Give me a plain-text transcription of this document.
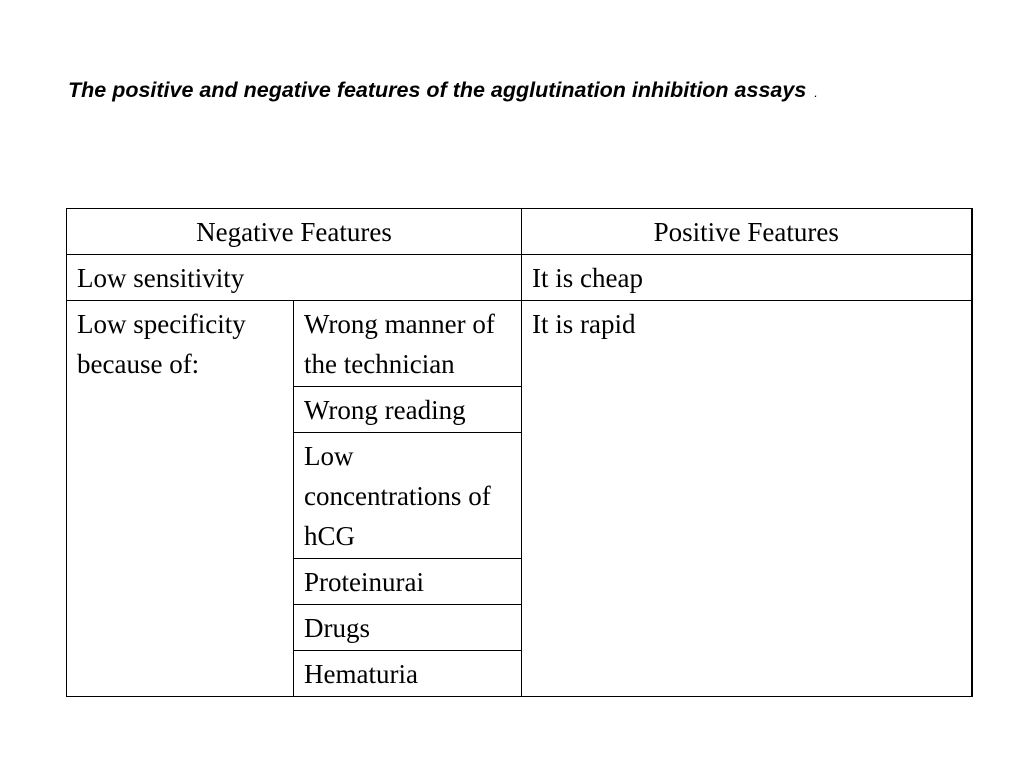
The positive and negative features of the agglutination inhibition assays .
Negative Features		Positive Features
Low sensitivity		It is cheap
Low specificity because of:	Wrong manner of the technician	It is rapid
	Wrong reading	
	Low concentrations of hCG	
	Proteinurai	
	Drugs	
	Hematuria	
